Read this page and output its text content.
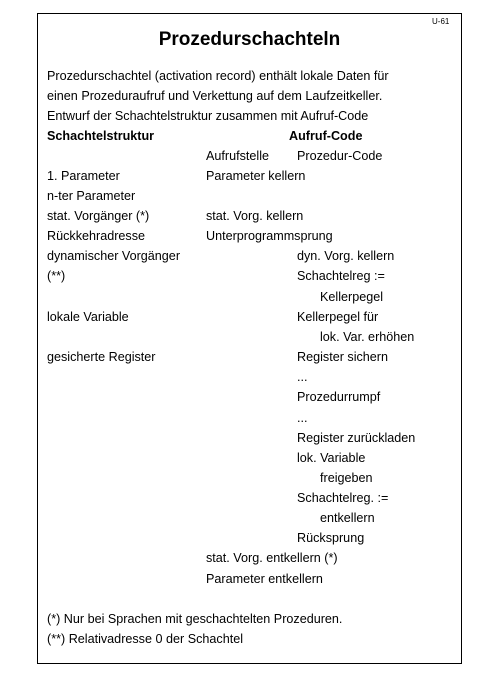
U-61
Prozedurschachteln
Prozedurschachtel (activation record) enthält lokale Daten für
einen Prozeduraufruf und Verkettung auf dem Laufzeitkeller.
Entwurf der Schachtelstruktur zusammen mit Aufruf-Code
Schachtelstruktur	Aufruf-Code
Aufrufstelle Prozedur-Code
1. Parameter
n-ter Parameter
stat. Vorgänger (*)
Rückkehradresse
dynamischer Vorgänger
(**)
lokale Variable
gesicherte Register
Parameter kellern
stat. Vorg. kellern
Unterprogrammsprung
dyn. Vorg. kellern
Schachtelreg :=
Kellerpegel
Kellerpegel für
lok. Var. erhöhen
Register sichern
...
Prozedurrumpf
...
Register zurückladen
lok. Variable
freigeben
Schachtelreg. :=
entkellern
Rücksprung
stat. Vorg. entkellern (*)
Parameter entkellern
(*) Nur bei Sprachen mit geschachtelten Prozeduren.
(**) Relativadresse 0 der Schachtel
